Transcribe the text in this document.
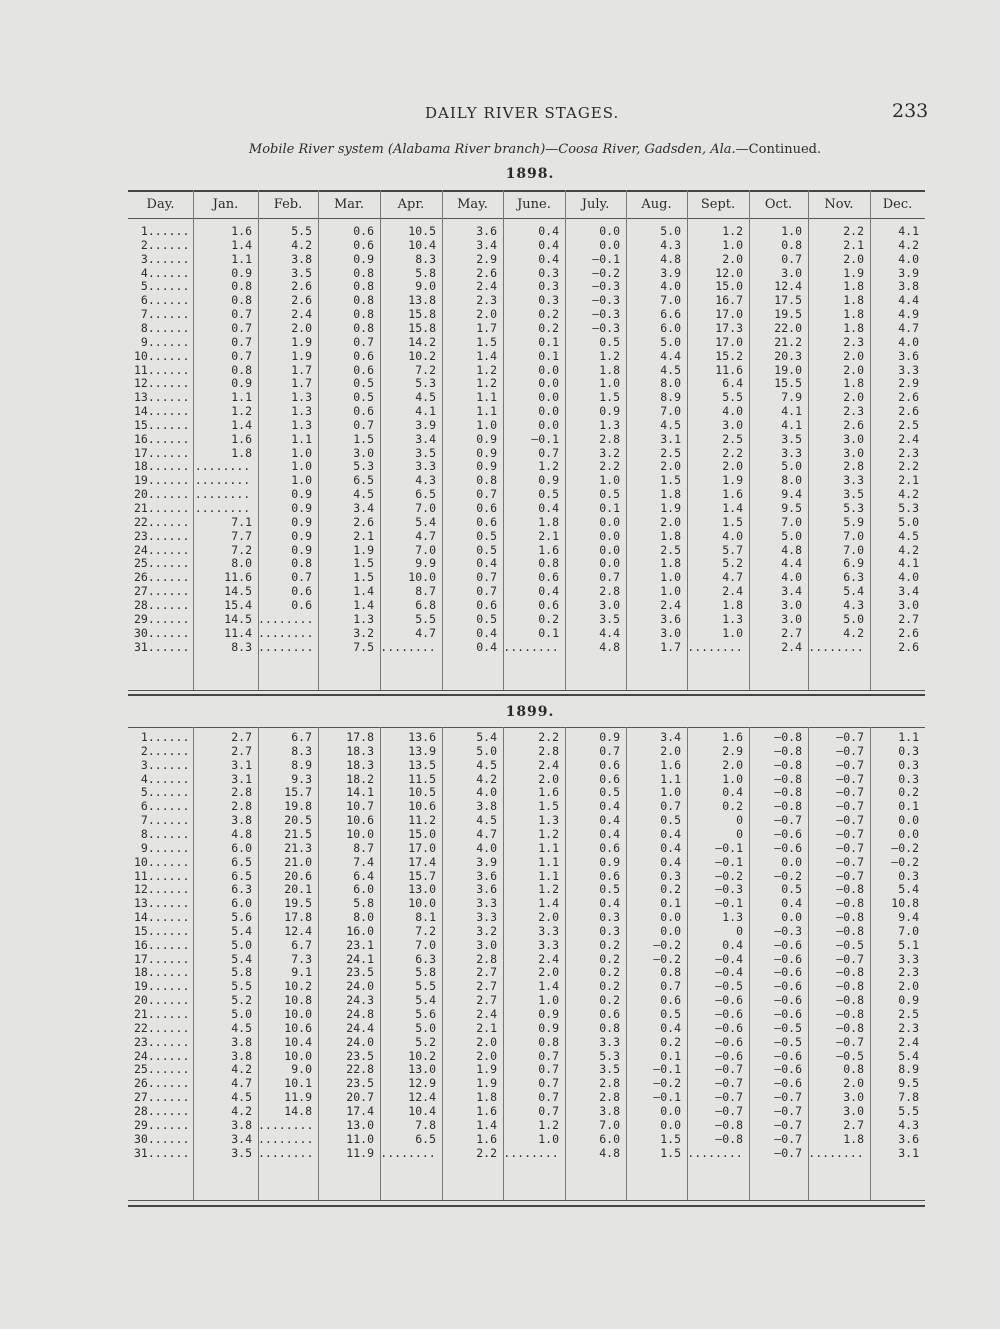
DAILY RIVER STAGES.	233
Mobile River system (Alabama River branch)—Coosa River, Gadsden, Ala.—Continued.
1898.
1899.
Day.	Jan.	Feb.	Mar.	Apr.	May.	June.	July.	Aug.	Sept.	Oct.	Nov.	Dec.
1......	1.6	5.5	0.6	10.5	3.6	0.4	0.0	5.0	1.2	1.0	2.2	4.1
2......	1.4	4.2	0.6	10.4	3.4	0.4	0.0	4.3	1.0	0.8	2.1	4.2
3......	1.1	3.8	0.9	8.3	2.9	0.4	—0.1	4.8	2.0	0.7	2.0	4.0
4......	0.9	3.5	0.8	5.8	2.6	0.3	—0.2	3.9	12.0	3.0	1.9	3.9
5......	0.8	2.6	0.8	9.0	2.4	0.3	—0.3	4.0	15.0	12.4	1.8	3.8
6......	0.8	2.6	0.8	13.8	2.3	0.3	—0.3	7.0	16.7	17.5	1.8	4.4
7......	0.7	2.4	0.8	15.8	2.0	0.2	—0.3	6.6	17.0	19.5	1.8	4.9
8......	0.7	2.0	0.8	15.8	1.7	0.2	—0.3	6.0	17.3	22.0	1.8	4.7
9......	0.7	1.9	0.7	14.2	1.5	0.1	0.5	5.0	17.0	21.2	2.3	4.0
10......	0.7	1.9	0.6	10.2	1.4	0.1	1.2	4.4	15.2	20.3	2.0	3.6
11......	0.8	1.7	0.6	7.2	1.2	0.0	1.8	4.5	11.6	19.0	2.0	3.3
12......	0.9	1.7	0.5	5.3	1.2	0.0	1.0	8.0	6.4	15.5	1.8	2.9
13......	1.1	1.3	0.5	4.5	1.1	0.0	1.5	8.9	5.5	7.9	2.0	2.6
14......	1.2	1.3	0.6	4.1	1.1	0.0	0.9	7.0	4.0	4.1	2.3	2.6
15......	1.4	1.3	0.7	3.9	1.0	0.0	1.3	4.5	3.0	4.1	2.6	2.5
16......	1.6	1.1	1.5	3.4	0.9	—0.1	2.8	3.1	2.5	3.5	3.0	2.4
17......	1.8	1.0	3.0	3.5	0.9	0.7	3.2	2.5	2.2	3.3	3.0	2.3
18...... ........	1.0	5.3	3.3	0.9	1.2	2.2	2.0	2.0	5.0	2.8	2.2
19...... ........	1.0	6.5	4.3	0.8	0.9	1.0	1.5	1.9	8.0	3.3	2.1
20...... ........	0.9	4.5	6.5	0.7	0.5	0.5	1.8	1.6	9.4	3.5	4.2
21...... ........	0.9	3.4	7.0	0.6	0.4	0.1	1.9	1.4	9.5	5.3	5.3
22......	7.1	0.9	2.6	5.4	0.6	1.8	0.0	2.0	1.5	7.0	5.9	5.0
23......	7.7	0.9	2.1	4.7	0.5	2.1	0.0	1.8	4.0	5.0	7.0	4.5
24......	7.2	0.9	1.9	7.0	0.5	1.6	0.0	2.5	5.7	4.8	7.0	4.2
25......	8.0	0.8	1.5	9.9	0.4	0.8	0.0	1.8	5.2	4.4	6.9	4.1
26......	11.6	0.7	1.5	10.0	0.7	0.6	0.7	1.0	4.7	4.0	6.3	4.0
27......	14.5	0.6	1.4	8.7	0.7	0.4	2.8	1.0	2.4	3.4	5.4	3.4
28......	15.4	0.6	1.4	6.8	0.6	0.6	3.0	2.4	1.8	3.0	4.3	3.0
29......	14.5 ........	1.3	5.5	0.5	0.2	3.5	3.6	1.3	3.0	5.0	2.7
30......	11.4 ........	3.2	4.7	0.4	0.1	4.4	3.0	1.0	2.7	4.2	2.6
31......	8.3 ........	7.5 ........	0.4 ........	4.8	1.7 ........	2.4 ........	2.6
1......	2.7	6.7	17.8	13.6	5.4	2.2	0.9	3.4	1.6	—0.8	—0.7	1.1
2......	2.7	8.3	18.3	13.9	5.0	2.8	0.7	2.0	2.9	—0.8	—0.7	0.3
3......	3.1	8.9	18.3	13.5	4.5	2.4	0.6	1.6	2.0	—0.8	—0.7	0.3
4......	3.1	9.3	18.2	11.5	4.2	2.0	0.6	1.1	1.0	—0.8	—0.7	0.3
5......	2.8	15.7	14.1	10.5	4.0	1.6	0.5	1.0	0.4	—0.8	—0.7	0.2
6......	2.8	19.8	10.7	10.6	3.8	1.5	0.4	0.7	0.2	—0.8	—0.7	0.1
7......	3.8	20.5	10.6	11.2	4.5	1.3	0.4	0.5	0	—0.7	—0.7	0.0
8......	4.8	21.5	10.0	15.0	4.7	1.2	0.4	0.4	0	—0.6	—0.7	0.0
9......	6.0	21.3	8.7	17.0	4.0	1.1	0.6	0.4	—0.1	—0.6	—0.7	—0.2
10......	6.5	21.0	7.4	17.4	3.9	1.1	0.9	0.4	—0.1	0.0	—0.7	—0.2
11......	6.5	20.6	6.4	15.7	3.6	1.1	0.6	0.3	—0.2	—0.2	—0.7	0.3
12......	6.3	20.1	6.0	13.0	3.6	1.2	0.5	0.2	—0.3	0.5	—0.8	5.4
13......	6.0	19.5	5.8	10.0	3.3	1.4	0.4	0.1	—0.1	0.4	—0.8	10.8
14......	5.6	17.8	8.0	8.1	3.3	2.0	0.3	0.0	1.3	0.0	—0.8	9.4
15......	5.4	12.4	16.0	7.2	3.2	3.3	0.3	0.0	0	—0.3	—0.8	7.0
16......	5.0	6.7	23.1	7.0	3.0	3.3	0.2	—0.2	0.4	—0.6	—0.5	5.1
17......	5.4	7.3	24.1	6.3	2.8	2.4	0.2	—0.2	—0.4	—0.6	—0.7	3.3
18......	5.8	9.1	23.5	5.8	2.7	2.0	0.2	0.8	—0.4	—0.6	—0.8	2.3
19......	5.5	10.2	24.0	5.5	2.7	1.4	0.2	0.7	—0.5	—0.6	—0.8	2.0
20......	5.2	10.8	24.3	5.4	2.7	1.0	0.2	0.6	—0.6	—0.6	—0.8	0.9
21......	5.0	10.0	24.8	5.6	2.4	0.9	0.6	0.5	—0.6	—0.6	—0.8	2.5
22......	4.5	10.6	24.4	5.0	2.1	0.9	0.8	0.4	—0.6	—0.5	—0.8	2.3
23......	3.8	10.4	24.0	5.2	2.0	0.8	3.3	0.2	—0.6	—0.5	—0.7	2.4
24......	3.8	10.0	23.5	10.2	2.0	0.7	5.3	0.1	—0.6	—0.6	—0.5	5.4
25......	4.2	9.0	22.8	13.0	1.9	0.7	3.5	—0.1	—0.7	—0.6	0.8	8.9
26......	4.7	10.1	23.5	12.9	1.9	0.7	2.8	—0.2	—0.7	—0.6	2.0	9.5
27......	4.5	11.9	20.7	12.4	1.8	0.7	2.8	—0.1	—0.7	—0.7	3.0	7.8
28......	4.2	14.8	17.4	10.4	1.6	0.7	3.8	0.0	—0.7	—0.7	3.0	5.5
29......	3.8 ........	13.0	7.8	1.4	1.2	7.0	0.0	—0.8	—0.7	2.7	4.3
30......	3.4 ........	11.0	6.5	1.6	1.0	6.0	1.5	—0.8	—0.7	1.8	3.6
31......	3.5 ........	11.9 ........	2.2 ........	4.8	1.5 ........	—0.7 ........	3.1
